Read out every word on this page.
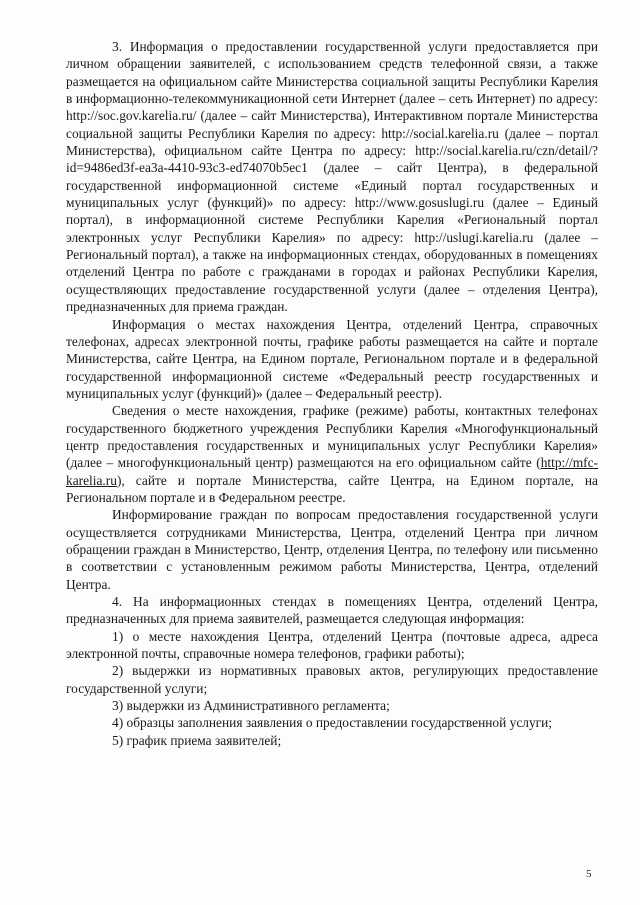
3. Информация о предоставлении государственной услуги предоставляется при личном обращении заявителей, с использованием средств телефонной связи, а также размещается на официальном сайте Министерства социальной защиты Республики Карелия в информационно-телекоммуникационной сети Интернет (далее – сеть Интернет) по адресу: http://soc.gov.karelia.ru/ (далее – сайт Министерства), Интерактивном портале Министерства социальной защиты Республики Карелия по адресу: http://social.karelia.ru (далее – портал Министерства), официальном сайте Центра по адресу: http://social.karelia.ru/czn/detail/?id=9486ed3f-ea3a-4410-93c3-ed74070b5ec1 (далее – сайт Центра), в федеральной государственной информационной системе «Единый портал государственных и муниципальных услуг (функций)» по адресу: http://www.gosuslugi.ru (далее – Единый портал), в информационной системе Республики Карелия «Региональный портал электронных услуг Республики Карелия» по адресу: http://uslugi.karelia.ru (далее – Региональный портал), а также на информационных стендах, оборудованных в помещениях отделений Центра по работе с гражданами в городах и районах Республики Карелия, осуществляющих предоставление государственной услуги (далее – отделения Центра), предназначенных для приема граждан.

Информация о местах нахождения Центра, отделений Центра, справочных телефонах, адресах электронной почты, графике работы размещается на сайте и портале Министерства, сайте Центра, на Едином портале, Региональном портале и в федеральной государственной информационной системе «Федеральный реестр государственных и муниципальных услуг (функций)» (далее – Федеральный реестр).

Сведения о месте нахождения, графике (режиме) работы, контактных телефонах государственного бюджетного учреждения Республики Карелия «Многофункциональный центр предоставления государственных и муниципальных услуг Республики Карелия» (далее – многофункциональный центр) размещаются на его официальном сайте (http://mfc-karelia.ru), сайте и портале Министерства, сайте Центра, на Едином портале, на Региональном портале и в Федеральном реестре.

Информирование граждан по вопросам предоставления государственной услуги осуществляется сотрудниками Министерства, Центра, отделений Центра при личном обращении граждан в Министерство, Центр, отделения Центра, по телефону или письменно в соответствии с установленным режимом работы Министерства, Центра, отделений Центра.

4. На информационных стендах в помещениях Центра, отделений Центра, предназначенных для приема заявителей, размещается следующая информация:

1) о месте нахождения Центра, отделений Центра (почтовые адреса, адреса электронной почты, справочные номера телефонов, графики работы);

2) выдержки из нормативных правовых актов, регулирующих предоставление государственной услуги;

3) выдержки из Административного регламента;

4) образцы заполнения заявления о предоставлении государственной услуги;

5) график приема заявителей;

5
